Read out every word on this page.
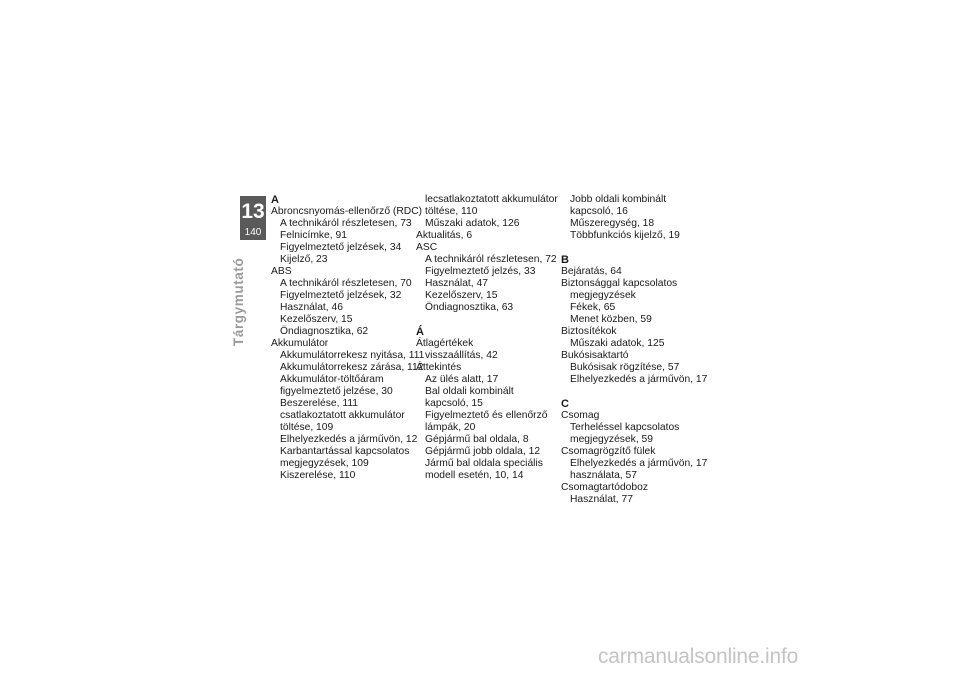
13
140
Tárgymutató
A
Abroncsnyomás-ellenőrző (RDC)
A technikáról részletesen, 73
Felnicímke, 91
Figyelmeztető jelzések, 34
Kijelző, 23
ABS
A technikáról részletesen, 70
Figyelmeztető jelzések, 32
Használat, 46
Kezelőszerv, 15
Öndiagnosztika, 62
Akkumulátor
Akkumulátorrekesz nyitása, 111
Akkumulátorrekesz zárása, 112
Akkumulátor-töltőáram
figyelmeztető jelzése, 30
Beszerelése, 111
csatlakoztatott akkumulátor
töltése, 109
Elhelyezkedés a járművön, 12
Karbantartással kapcsolatos
megjegyzések, 109
Kiszerelése, 110
lecsatlakoztatott akkumulátor
töltése, 110
Műszaki adatok, 126
Aktualitás, 6
ASC
A technikáról részletesen, 72
Figyelmeztető jelzés, 33
Használat, 47
Kezelőszerv, 15
Öndiagnosztika, 63
Á
Átlagértékek
visszaállítás, 42
Áttekintés
Az ülés alatt, 17
Bal oldali kombinált
kapcsoló, 15
Figyelmeztető és ellenőrző
lámpák, 20
Gépjármű bal oldala, 8
Gépjármű jobb oldala, 12
Jármű bal oldala speciális
modell esetén, 10, 14
Jobb oldali kombinált
kapcsoló, 16
Műszeregység, 18
Többfunkciós kijelző, 19
B
Bejáratás, 64
Biztonsággal kapcsolatos
megjegyzések
Fékek, 65
Menet közben, 59
Biztosítékok
Műszaki adatok, 125
Bukósisaktartó
Bukósisak rögzítése, 57
Elhelyezkedés a járművön, 17
C
Csomag
Terheléssel kapcsolatos
megjegyzések, 59
Csomagrögzítő fülek
Elhelyezkedés a járművön, 17
használata, 57
Csomagtartódoboz
Használat, 77
carmanualsonline.info
